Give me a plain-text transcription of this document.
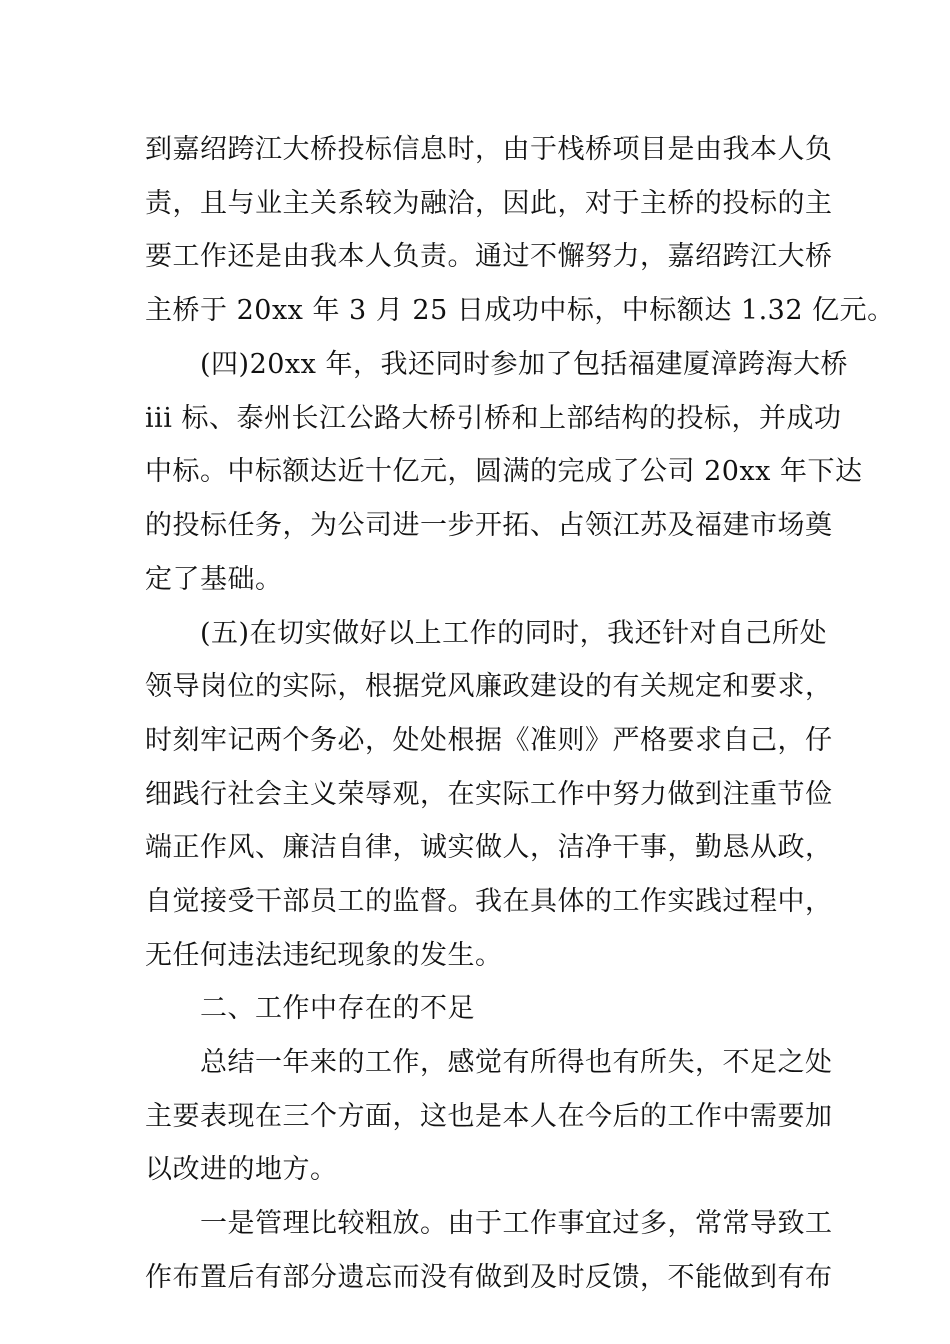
到嘉绍跨江大桥投标信息时，由于栈桥项目是由我本人负

责，且与业主关系较为融洽，因此，对于主桥的投标的主

要工作还是由我本人负责。通过不懈努力，嘉绍跨江大桥

主桥于 20xx 年 3 月 25 日成功中标，中标额达 1.32 亿元。

(四)20xx 年，我还同时参加了包括福建厦漳跨海大桥

iii 标、泰州长江公路大桥引桥和上部结构的投标，并成功

中标。中标额达近十亿元，圆满的完成了公司 20xx 年下达

的投标任务，为公司进一步开拓、占领江苏及福建市场奠

定了基础。

(五)在切实做好以上工作的同时，我还针对自己所处

领导岗位的实际，根据党风廉政建设的有关规定和要求，

时刻牢记两个务必，处处根据《准则》严格要求自己，仔

细践行社会主义荣辱观，在实际工作中努力做到注重节俭

端正作风、廉洁自律，诚实做人，洁净干事，勤恳从政，

自觉接受干部员工的监督。我在具体的工作实践过程中，

无任何违法违纪现象的发生。

二、工作中存在的不足

总结一年来的工作，感觉有所得也有所失，不足之处

主要表现在三个方面，这也是本人在今后的工作中需要加

以改进的地方。

一是管理比较粗放。由于工作事宜过多，常常导致工

作布置后有部分遗忘而没有做到及时反馈，不能做到有布
